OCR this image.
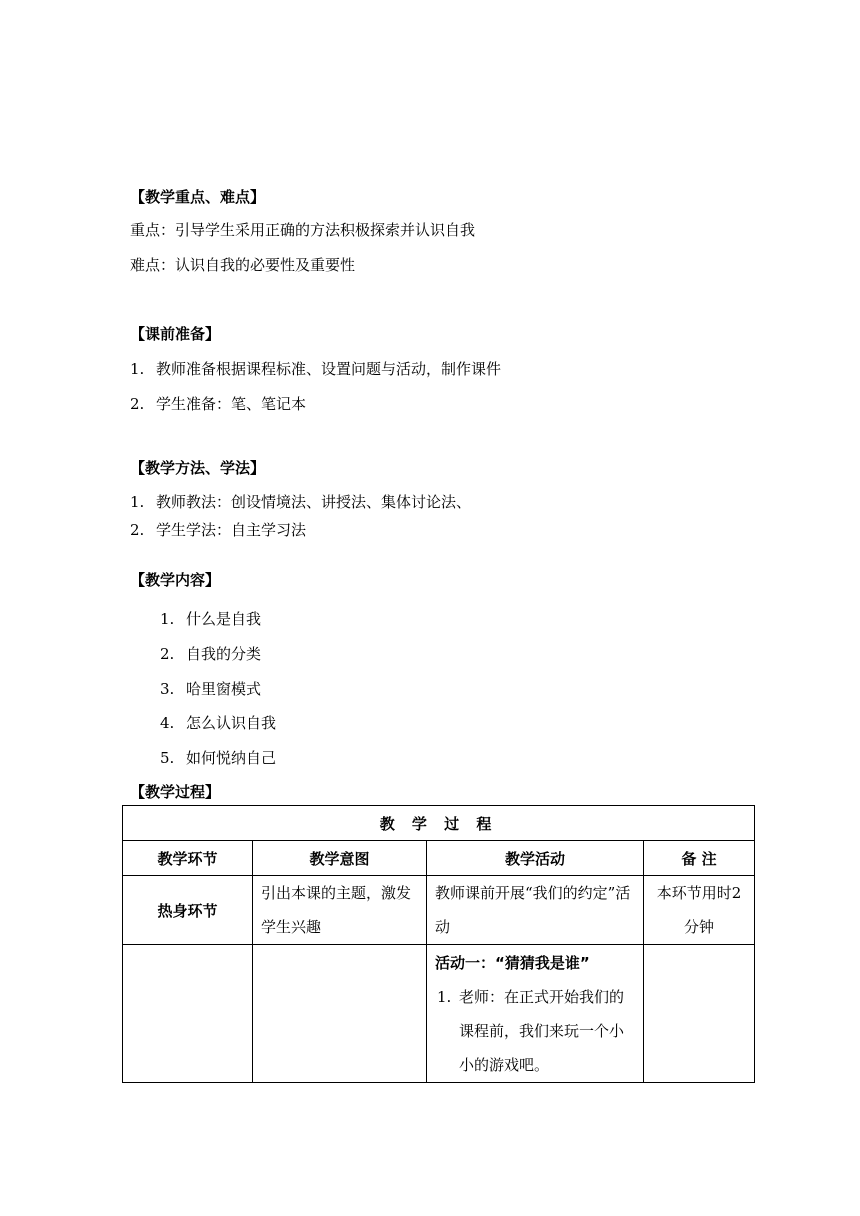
【教学重点、难点】
重点：引导学生采用正确的方法积极探索并认识自我
难点：认识自我的必要性及重要性
【课前准备】
1. 教师准备根据课程标准、设置问题与活动，制作课件
2. 学生准备：笔、笔记本
【教学方法、学法】
1. 教师教法：创设情境法、讲授法、集体讨论法、
2. 学生学法：自主学习法
【教学内容】
1. 什么是自我
2. 自我的分类
3. 哈里窗模式
4. 怎么认识自我
5. 如何悦纳自己
【教学过程】
教 学 过 程			
教学环节	教学意图	教学活动	备 注
热身环节	引出本课的主题，激发学生兴趣	教师课前开展“我们的约定”活动	本环节用时2分钟

		活动一：“猜猜我是谁”
1. 老师：在正式开始我们的课程前，我们来玩一个小小的游戏吧。	
